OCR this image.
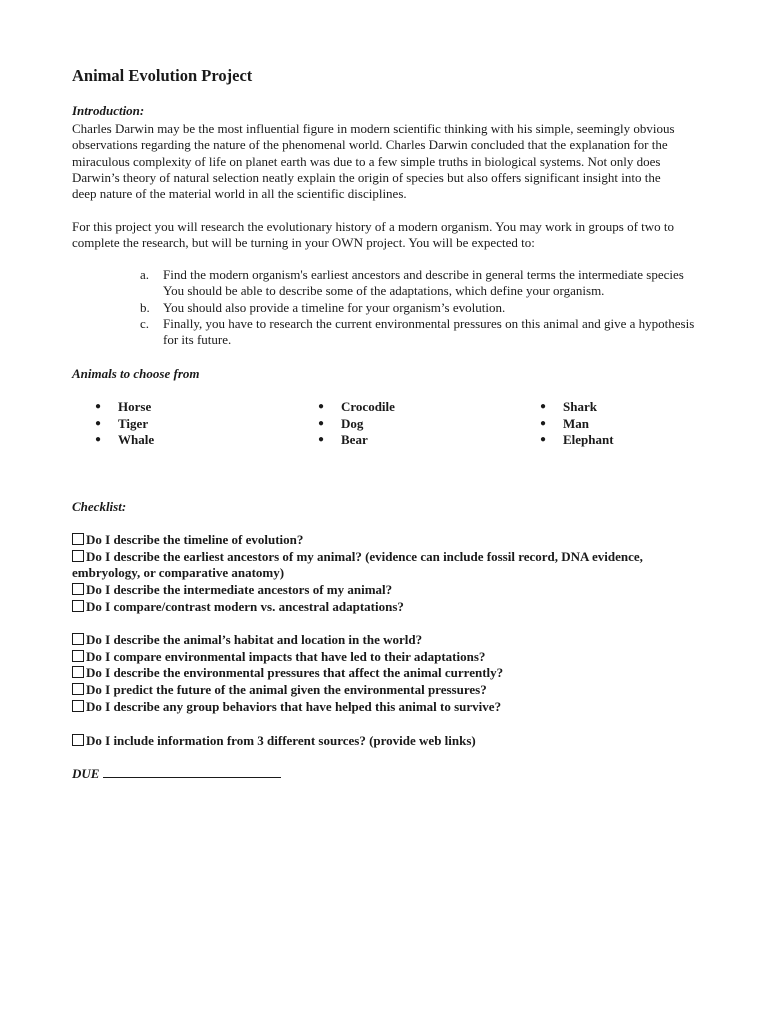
Animal Evolution Project
Introduction:

Charles Darwin may be the most influential figure in modern scientific thinking with his simple, seemingly obvious observations regarding the nature of the phenomenal world. Charles Darwin concluded that the explanation for the miraculous complexity of life on planet earth was due to a few simple truths in biological systems. Not only does Darwin’s theory of natural selection neatly explain the origin of species but also offers significant insight into the deep nature of the material world in all the scientific disciplines.

For this project you will research the evolutionary history of a modern organism. You may work in groups of two to complete the research, but will be turning in your OWN project. You will be expected to:

a. Find the modern organism's earliest ancestors and describe in general terms the intermediate species You should be able to describe some of the adaptations, which define your organism.
b. You should also provide a timeline for your organism’s evolution.
c. Finally, you have to research the current environmental pressures on this animal and give a hypothesis for its future.
Animals to choose from
● Horse
● Tiger
● Whale
● Crocodile
● Dog
● Bear
● Shark
● Man
● Elephant
Checklist:
Do I describe the timeline of evolution?
Do I describe the earliest ancestors of my animal? (evidence can include fossil record, DNA evidence, embryology, or comparative anatomy)
Do I describe the intermediate ancestors of my animal?
Do I compare/contrast modern vs. ancestral adaptations?
Do I describe the animal’s habitat and location in the world?
Do I compare environmental impacts that have led to their adaptations?
Do I describe the environmental pressures that affect the animal currently?
Do I predict the future of the animal given the environmental pressures?
Do I describe any group behaviors that have helped this animal to survive?
Do I include information from 3 different sources? (provide web links)
DUE
